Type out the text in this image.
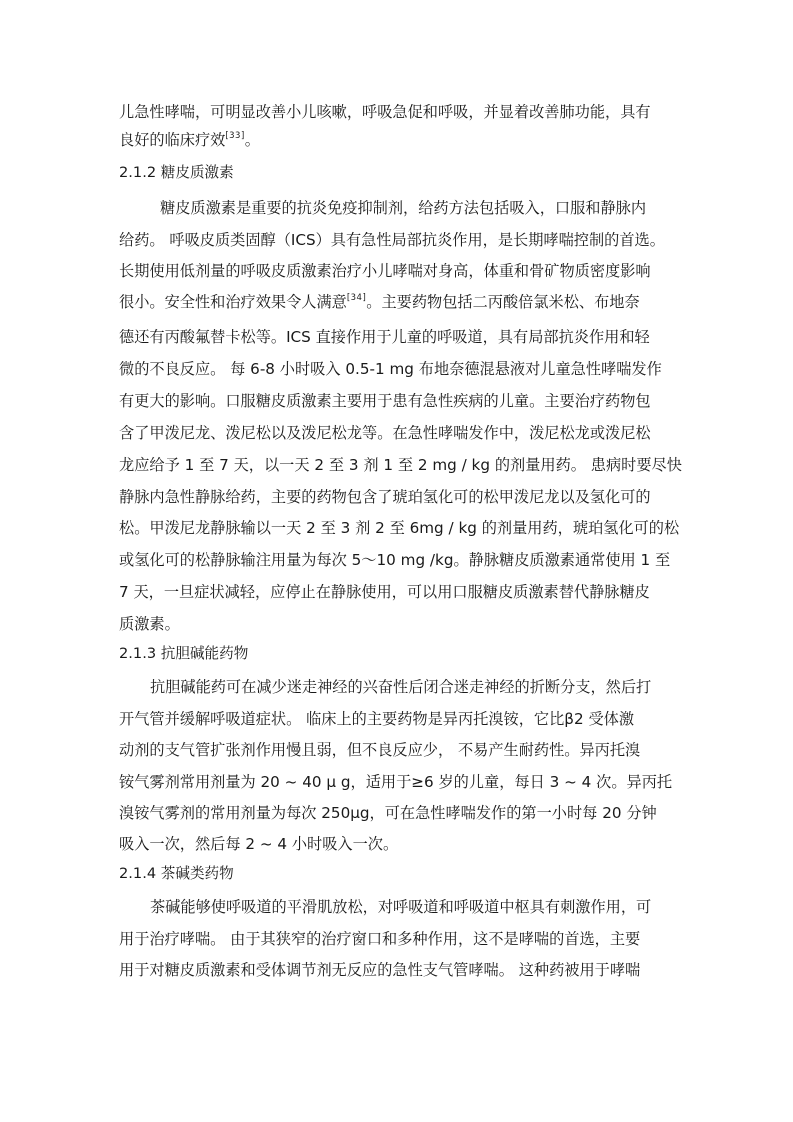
儿急性哮喘，可明显改善小儿咳嗽，呼吸急促和呼吸，并显着改善肺功能，具有
良好的临床疗效[33]。
2.1.2 糖皮质激素
糖皮质激素是重要的抗炎免疫抑制剂，给药方法包括吸入，口服和静脉内
给药。 呼吸皮质类固醇（ICS）具有急性局部抗炎作用，是长期哮喘控制的首选。
长期使用低剂量的呼吸皮质激素治疗小儿哮喘对身高，体重和骨矿物质密度影响
很小。安全性和治疗效果令人满意[34]。主要药物包括二丙酸倍氯米松、布地奈
德还有丙酸氟替卡松等。ICS 直接作用于儿童的呼吸道，具有局部抗炎作用和轻
微的不良反应。 每 6-8 小时吸入 0.5-1 mg 布地奈德混悬液对儿童急性哮喘发作
有更大的影响。口服糖皮质激素主要用于患有急性疾病的儿童。主要治疗药物包
含了甲泼尼龙、泼尼松以及泼尼松龙等。在急性哮喘发作中，泼尼松龙或泼尼松
龙应给予 1 至 7 天，以一天 2 至 3 剂 1 至 2 mg / kg 的剂量用药。 患病时要尽快
静脉内急性静脉给药，主要的药物包含了琥珀氢化可的松甲泼尼龙以及氢化可的
松。甲泼尼龙静脉输以一天 2 至 3 剂 2 至 6mg / kg 的剂量用药，琥珀氢化可的松
或氢化可的松静脉输注用量为每次 5～10 mg /kg。静脉糖皮质激素通常使用 1 至
7 天，一旦症状减轻，应停止在静脉使用，可以用口服糖皮质激素替代静脉糖皮
质激素。
2.1.3 抗胆碱能药物
抗胆碱能药可在减少迷走神经的兴奋性后闭合迷走神经的折断分支，然后打
开气管并缓解呼吸道症状。 临床上的主要药物是异丙托溴铵，它比β2 受体激
动剂的支气管扩张剂作用慢且弱，但不良反应少， 不易产生耐药性。异丙托溴
铵气雾剂常用剂量为 20 ~ 40 μ g，适用于≥6 岁的儿童，每日 3 ~ 4 次。异丙托
溴铵气雾剂的常用剂量为每次 250μg，可在急性哮喘发作的第一小时每 20 分钟
吸入一次，然后每 2 ~ 4 小时吸入一次。
2.1.4 茶碱类药物
茶碱能够使呼吸道的平滑肌放松，对呼吸道和呼吸道中枢具有刺激作用，可
用于治疗哮喘。 由于其狭窄的治疗窗口和多种作用，这不是哮喘的首选，主要
用于对糖皮质激素和受体调节剂无反应的急性支气管哮喘。 这种药被用于哮喘
